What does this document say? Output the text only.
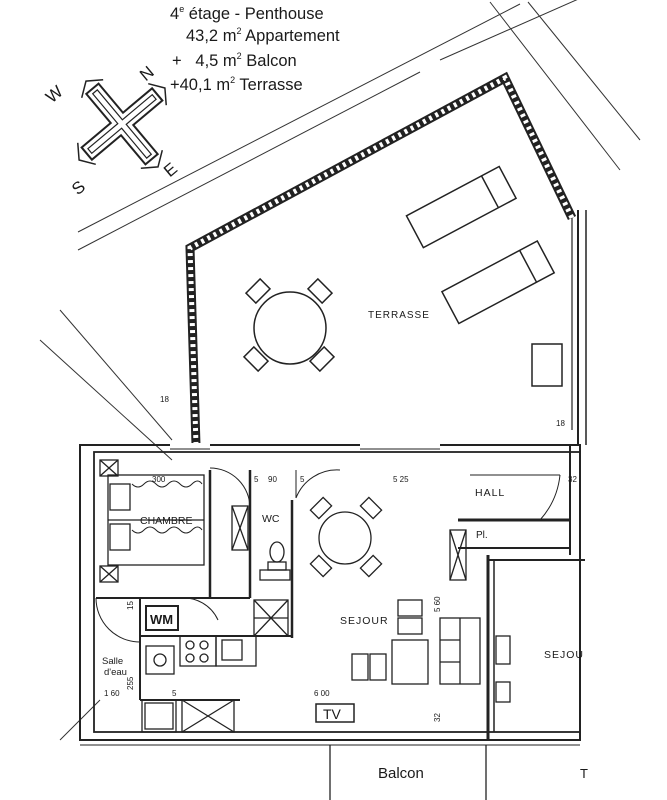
4e étage - Penthouse
43,2 $m^2$ Appartement
+   4,5 $m^2$ Balcon
+40,1 $m^2$ Terrasse
N
W
S
E
TERRASSE
HALL
CHAMBRE	WC
SEJOUR
SEJOU
Salle
d'eau
Pl.
WM
TV
Balcon	T
300	5 90	5	5 25
5 60
6 00
1 60
255
15
5
32
32
18
18
